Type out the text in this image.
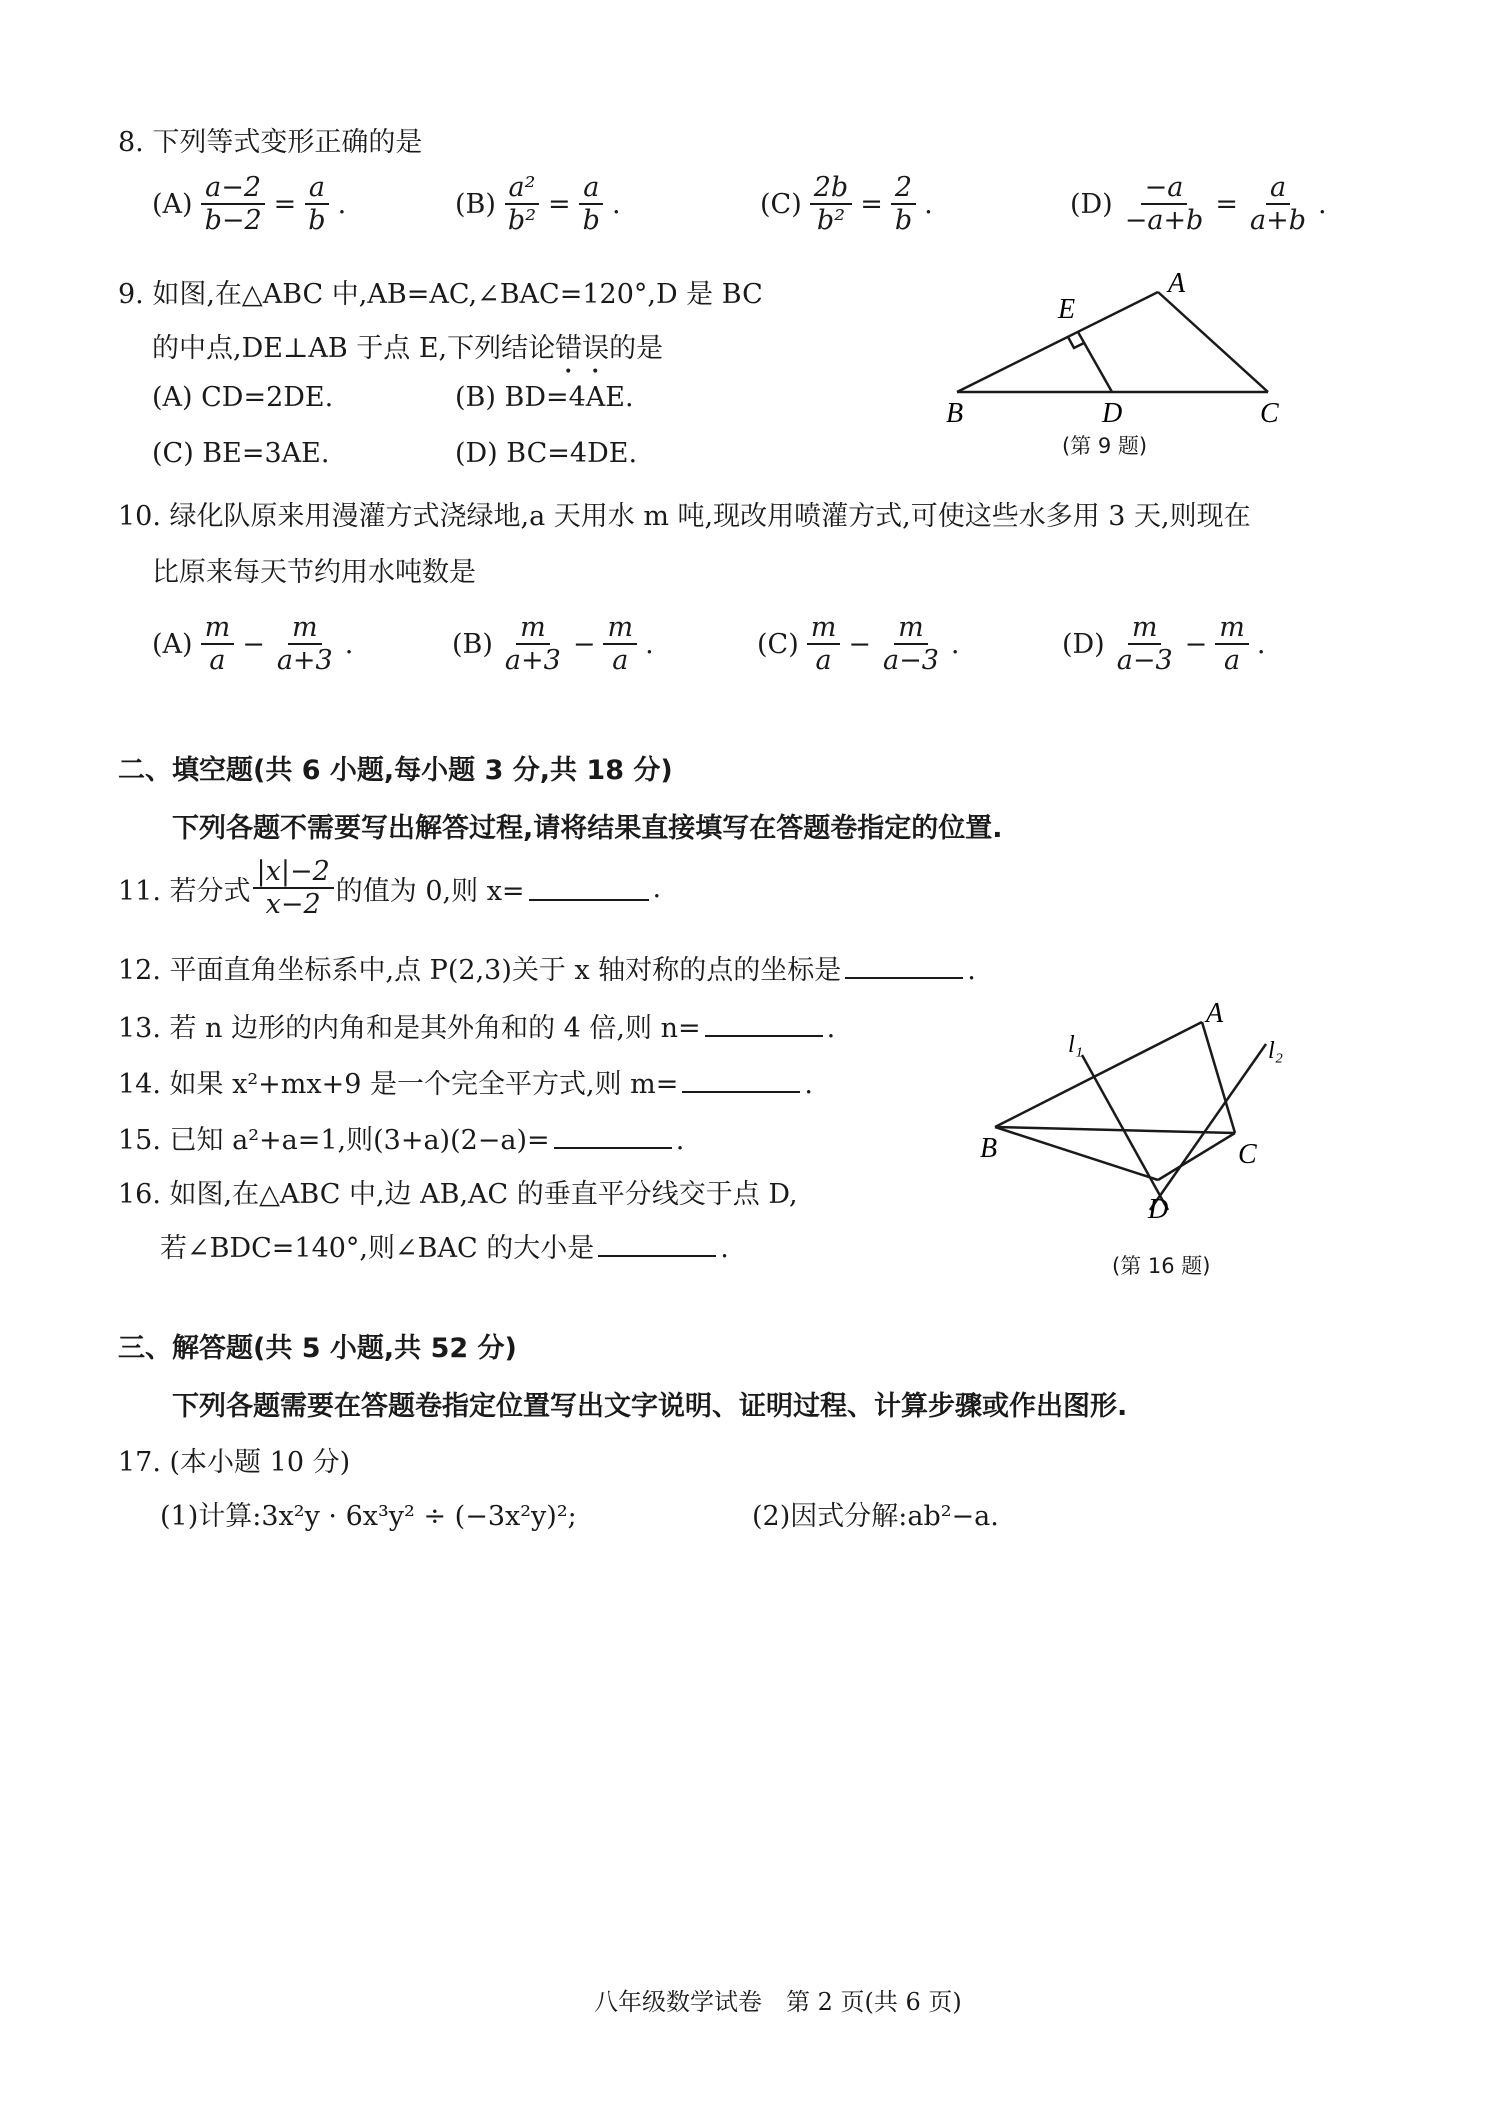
8. 下列等式变形正确的是
$(A) \frac{a-2}{b-2} = \frac{a}{b}$ .	$(B) \frac{\text{a²}}{\text{b²}} = \frac{a}{b}$ .	$(C) \frac{2b}{\text{b²}} = \frac{2}{b}$ .	$(D) \frac{-a}{-a+b} = \frac{a}{a+b}$ .
9. 如图,在△ABC 中,AB=AC,∠BAC=120°,D 是 BC
的中点,DE⊥AB 于点 E,下列结论错误的是
(A) CD=2DE.	(B) BD=4AE.
(C) BE=3AE.	(D) BC=4DE.
B	D	C
E
A
(第 9 题)
10. 绿化队原来用漫灌方式浇绿地,a 天用水 m 吨,现改用喷灌方式,可使这些水多用 3 天,则现在
比原来每天节约用水吨数是
$(A) \frac{m}{a} - \frac{m}{a+3}$ .	$(B) \frac{m}{a+3} - \frac{m}{a}$ .	$(C) \frac{m}{a} - \frac{m}{a-3}$ .	$(D) \frac{m}{a-3} - \frac{m}{a}$ .
二、填空题(共 6 小题,每小题 3 分,共 18 分)
下列各题不需要写出解答过程,请将结果直接填写在答题卷指定的位置.
11. 若分式 $\frac{|x|-2}{x-2}$ 的值为 0,则 x=	.
12. 平面直角坐标系中,点 P(2,3)关于 x 轴对称的点的坐标是	.
13. 若 n 边形的内角和是其外角和的 4 倍,则 n=	.
14. 如果 x²+mx+9 是一个完全平方式,则 m=	.
15. 已知 a²+a=1,则(3+a)(2−a)=	.
16. 如图,在△ABC 中,边 AB,AC 的垂直平分线交于点 D,
若∠BDC=140°,则∠BAC 的大小是	.
B	C
A
D
l₁	l₂
(第 16 题)
三、解答题(共 5 小题,共 52 分)
下列各题需要在答题卷指定位置写出文字说明、证明过程、计算步骤或作出图形.
17. (本小题 10 分)
(1)计算:3x²y · 6x³y² ÷ (−3x²y)²;	(2)因式分解:ab²−a.
八年级数学试卷　第 2 页(共 6 页)
